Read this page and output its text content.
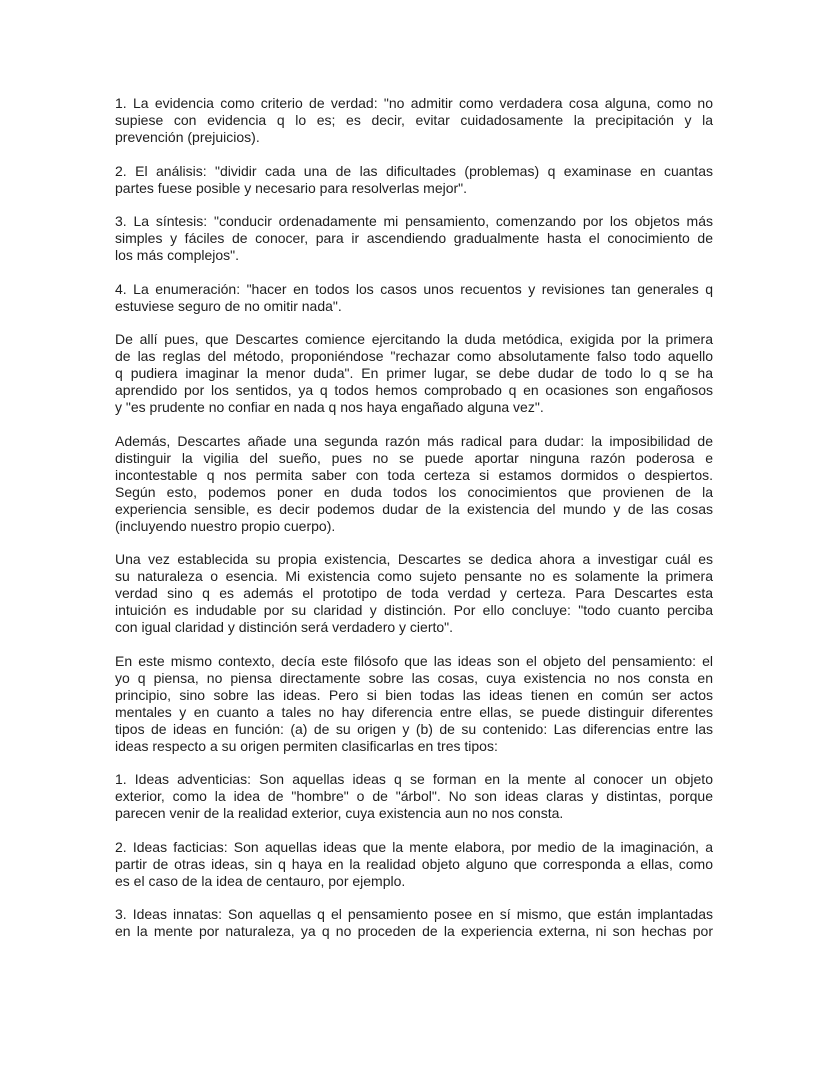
1. La evidencia como criterio de verdad: "no admitir como verdadera cosa alguna, como no
supiese con evidencia q lo es; es decir, evitar cuidadosamente la precipitación y la
prevención (prejuicios).
2. El análisis: "dividir cada una de las dificultades (problemas) q examinase en cuantas
partes fuese posible y necesario para resolverlas mejor".
3. La síntesis: "conducir ordenadamente mi pensamiento, comenzando por los objetos más
simples y fáciles de conocer, para ir ascendiendo gradualmente hasta el conocimiento de
los más complejos".
4. La enumeración: "hacer en todos los casos unos recuentos y revisiones tan generales q
estuviese seguro de no omitir nada".
De allí pues, que Descartes comience ejercitando la duda metódica, exigida por la primera
de las reglas del método, proponiéndose "rechazar como absolutamente falso todo aquello
q pudiera imaginar la menor duda". En primer lugar, se debe dudar de todo lo q se ha
aprendido por los sentidos, ya q todos hemos comprobado q en ocasiones son engañosos
y "es prudente no confiar en nada q nos haya engañado alguna vez".
Además, Descartes añade una segunda razón más radical para dudar: la imposibilidad de
distinguir la vigilia del sueño, pues no se puede aportar ninguna razón poderosa e
incontestable q nos permita saber con toda certeza si estamos dormidos o despiertos.
Según esto, podemos poner en duda todos los conocimientos que provienen de la
experiencia sensible, es decir podemos dudar de la existencia del mundo y de las cosas
(incluyendo nuestro propio cuerpo).
Una vez establecida su propia existencia, Descartes se dedica ahora a investigar cuál es
su naturaleza o esencia. Mi existencia como sujeto pensante no es solamente la primera
verdad sino q es además el prototipo de toda verdad y certeza. Para Descartes esta
intuición es indudable por su claridad y distinción. Por ello concluye: "todo cuanto perciba
con igual claridad y distinción será verdadero y cierto".
En este mismo contexto, decía este filósofo que las ideas son el objeto del pensamiento: el
yo q piensa, no piensa directamente sobre las cosas, cuya existencia no nos consta en
principio, sino sobre las ideas. Pero si bien todas las ideas tienen en común ser actos
mentales y en cuanto a tales no hay diferencia entre ellas, se puede distinguir diferentes
tipos de ideas en función: (a) de su origen y (b) de su contenido: Las diferencias entre las
ideas respecto a su origen permiten clasificarlas en tres tipos:
1. Ideas adventicias: Son aquellas ideas q se forman en la mente al conocer un objeto
exterior, como la idea de "hombre" o de "árbol". No son ideas claras y distintas, porque
parecen venir de la realidad exterior, cuya existencia aun no nos consta.
2. Ideas facticias: Son aquellas ideas que la mente elabora, por medio de la imaginación, a
partir de otras ideas, sin q haya en la realidad objeto alguno que corresponda a ellas, como
es el caso de la idea de centauro, por ejemplo.
3. Ideas innatas: Son aquellas q el pensamiento posee en sí mismo, que están implantadas
en la mente por naturaleza, ya q no proceden de la experiencia externa, ni son hechas por
